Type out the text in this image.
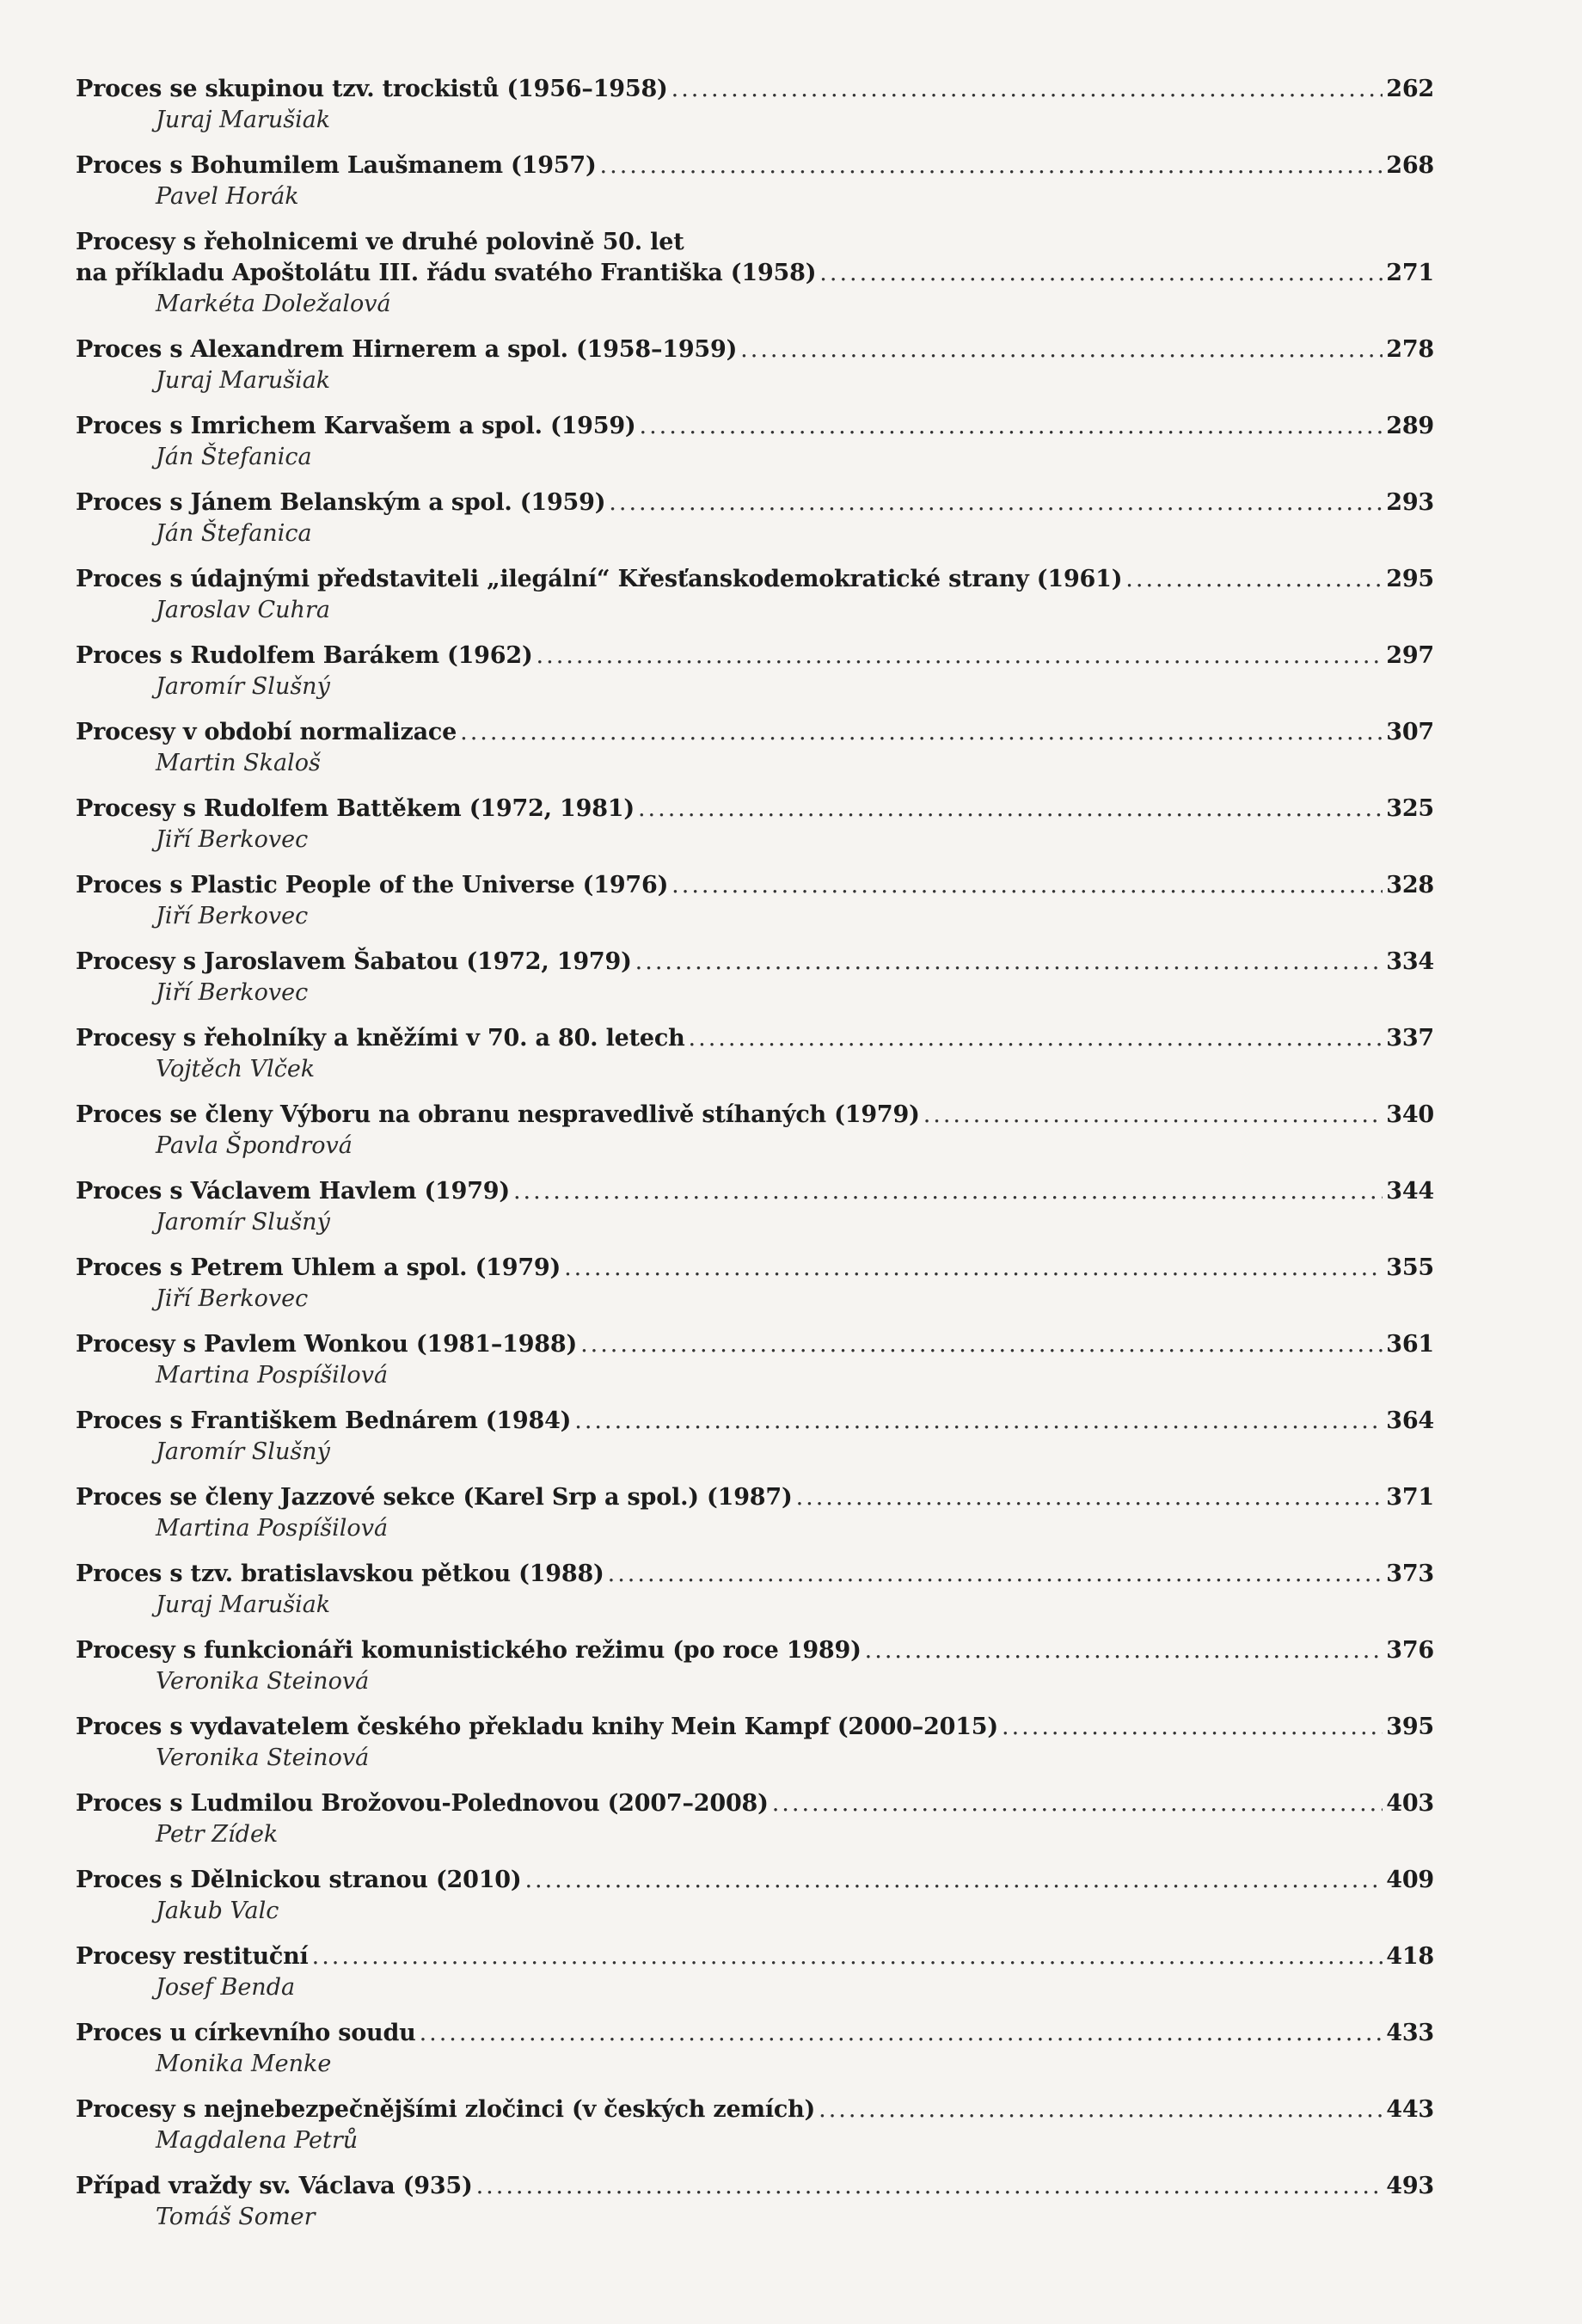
Proces se skupinou tzv. trockistů (1956–1958) .....	262
Juraj Marušiak
Proces s Bohumilem Laušmanem (1957) .....	268
Pavel Horák
Procesy s řeholnicemi ve druhé polovině 50. let
na příkladu Apoštolátu III. řádu svatého Františka (1958) .....	271
Markéta Doležalová
Proces s Alexandrem Hirnerem a spol. (1958–1959) .....	278
Juraj Marušiak
Proces s Imrichem Karvašem a spol. (1959) .....	289
Ján Štefanica
Proces s Jánem Belanským a spol. (1959) .....	293
Ján Štefanica
Proces s údajnými představiteli „ilegální“ Křesťanskodemokratické strany (1961) .....	295
Jaroslav Cuhra
Proces s Rudolfem Barákem (1962) .....	297
Jaromír Slušný
Procesy v období normalizace .....	307
Martin Skaloš
Procesy s Rudolfem Battěkem (1972, 1981) .....	325
Jiří Berkovec
Proces s Plastic People of the Universe (1976) .....	328
Jiří Berkovec
Procesy s Jaroslavem Šabatou (1972, 1979) .....	334
Jiří Berkovec
Procesy s řeholníky a kněžími v 70. a 80. letech .....	337
Vojtěch Vlček
Proces se členy Výboru na obranu nespravedlivě stíhaných (1979) .....	340
Pavla Špondrová
Proces s Václavem Havlem (1979) .....	344
Jaromír Slušný
Proces s Petrem Uhlem a spol. (1979) .....	355
Jiří Berkovec
Procesy s Pavlem Wonkou (1981–1988) .....	361
Martina Pospíšilová
Proces s Františkem Bednárem (1984) .....	364
Jaromír Slušný
Proces se členy Jazzové sekce (Karel Srp a spol.) (1987) .....	371
Martina Pospíšilová
Proces s tzv. bratislavskou pětkou (1988) .....	373
Juraj Marušiak
Procesy s funkcionáři komunistického režimu (po roce 1989) .....	376
Veronika Steinová
Proces s vydavatelem českého překladu knihy Mein Kampf (2000–2015) .....	395
Veronika Steinová
Proces s Ludmilou Brožovou-Polednovou (2007–2008) .....	403
Petr Zídek
Proces s Dělnickou stranou (2010) .....	409
Jakub Valc
Procesy restituční .....	418
Josef Benda
Proces u církevního soudu .....	433
Monika Menke
Procesy s nejnebezpečnějšími zločinci (v českých zemích) .....	443
Magdalena Petrů
Případ vraždy sv. Václava (935) .....	493
Tomáš Somer
